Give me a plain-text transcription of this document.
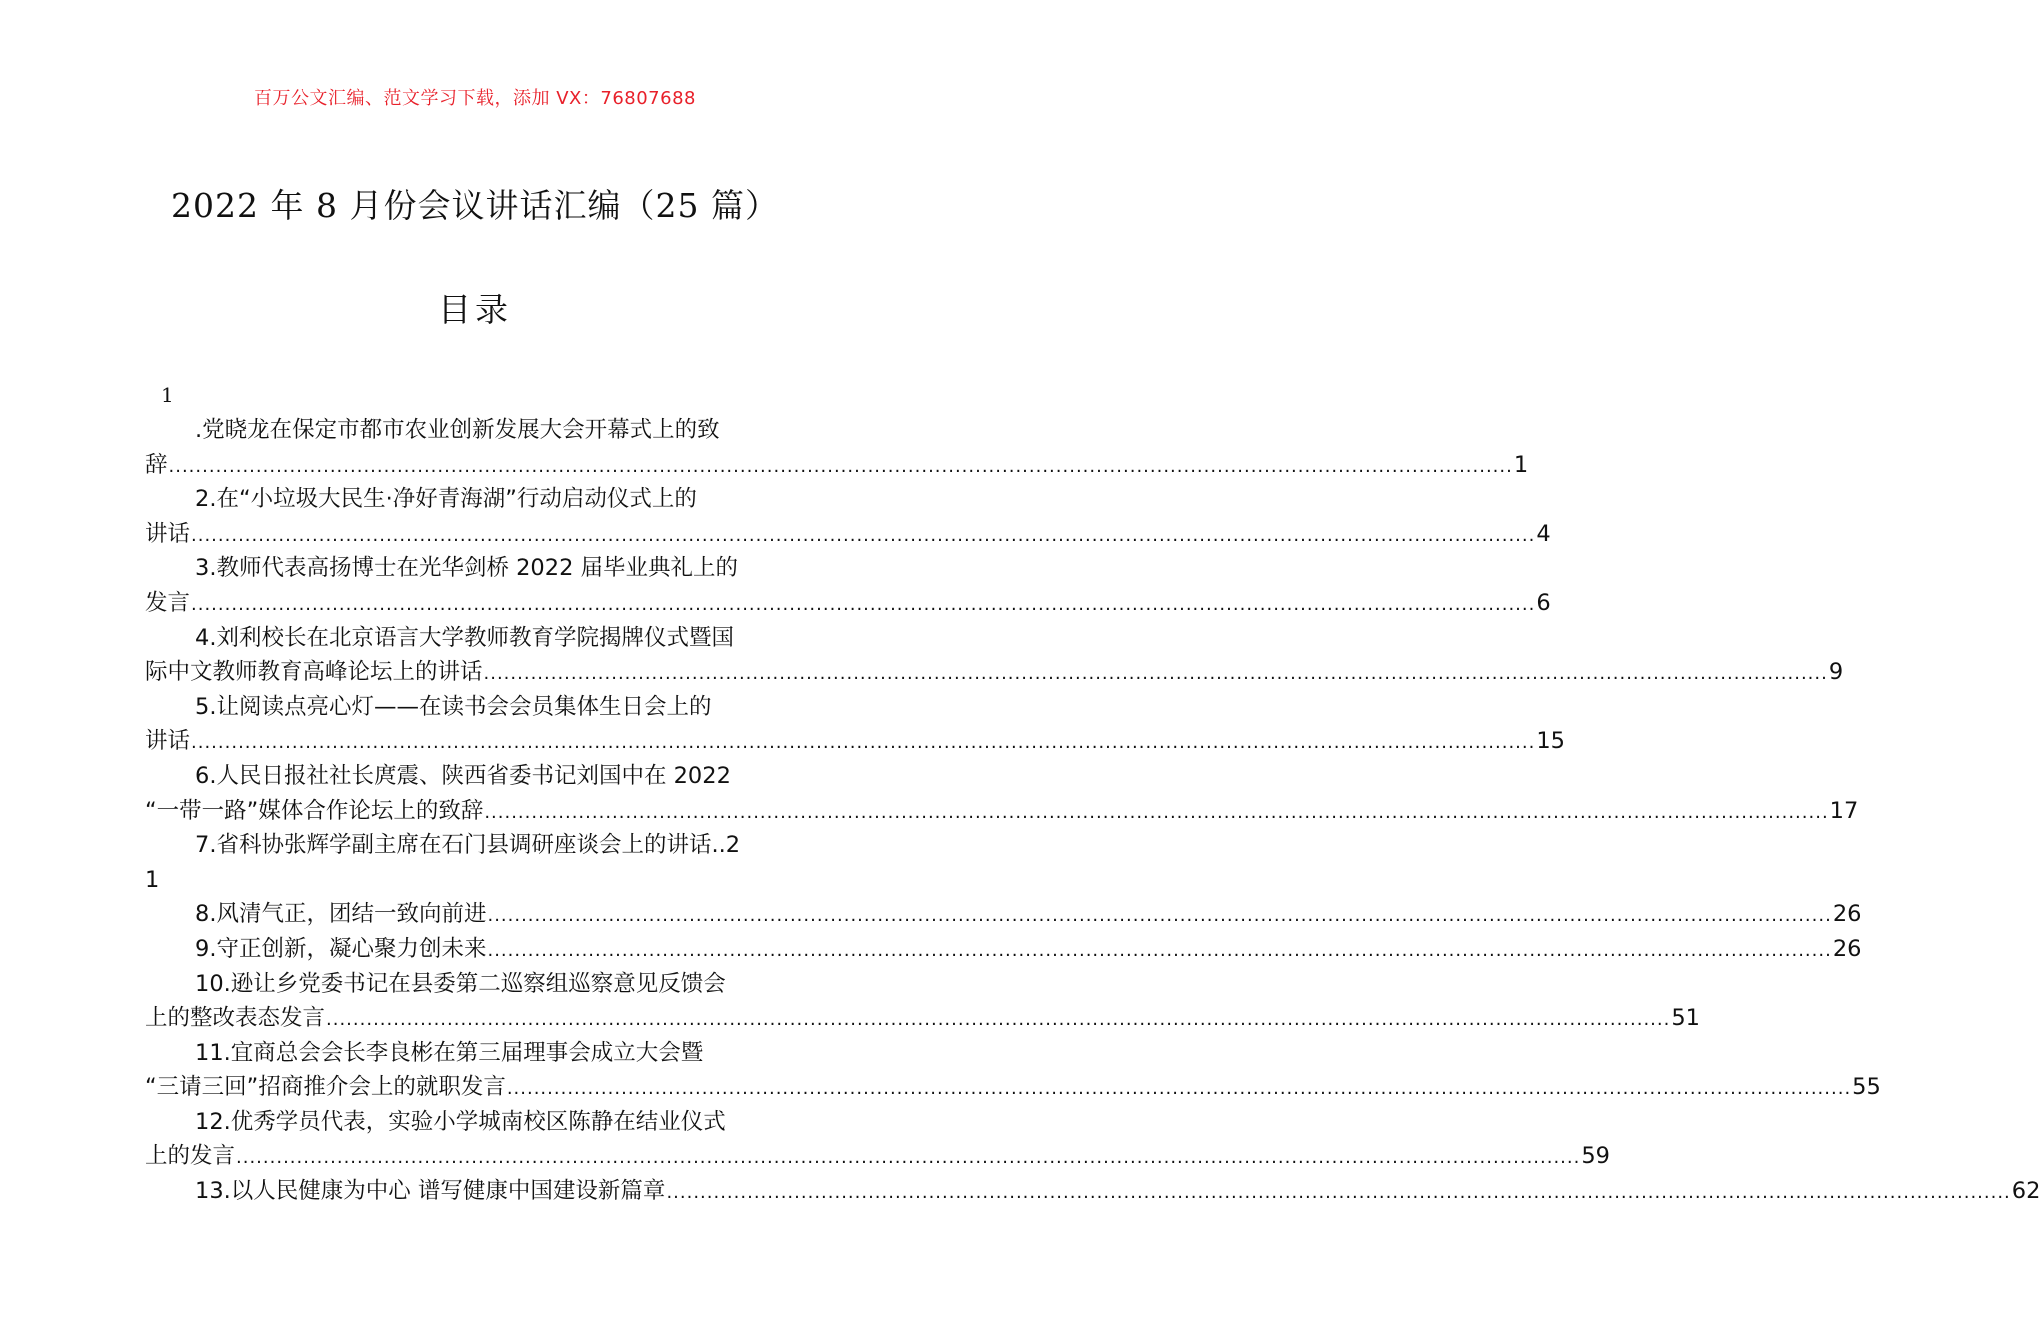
百万公文汇编、范文学习下载，添加 VX：76807688
2022 年 8 月份会议讲话汇编（25 篇）
目录
1
.党晓龙在保定市都市农业创新发展大会开幕式上的致
辞 ........................................................................................................................................................................................................ 1
2.在“小垃圾大民生·净好青海湖”行动启动仪式上的
讲话 ........................................................................................................................................................................................................ 4
3.教师代表高扬博士在光华剑桥 2022 届毕业典礼上的
发言 ........................................................................................................................................................................................................ 6
4.刘利校长在北京语言大学教师教育学院揭牌仪式暨国
际中文教师教育高峰论坛上的讲话 ........................................................................................................................................................................................................ 9
5.让阅读点亮心灯——在读书会会员集体生日会上的
讲话 ........................................................................................................................................................................................................ 15
6.人民日报社社长庹震、陕西省委书记刘国中在 2022
“一带一路”媒体合作论坛上的致辞 ........................................................................................................................................................................................................ 17
7.省科协张辉学副主席在石门县调研座谈会上的讲话..2
1
8.风清气正，团结一致向前进 ........................................................................................................................................................................................................ 26
9.守正创新，凝心聚力创未来 ........................................................................................................................................................................................................ 26
10.逊让乡党委书记在县委第二巡察组巡察意见反馈会
上的整改表态发言 ........................................................................................................................................................................................................ 51
11.宜商总会会长李良彬在第三届理事会成立大会暨
“三请三回”招商推介会上的就职发言 ........................................................................................................................................................................................................ 55
12.优秀学员代表，实验小学城南校区陈静在结业仪式
上的发言 ........................................................................................................................................................................................................ 59
13.以人民健康为中心 谱写健康中国建设新篇章 ........................................................................................................................................................................................................ 62
